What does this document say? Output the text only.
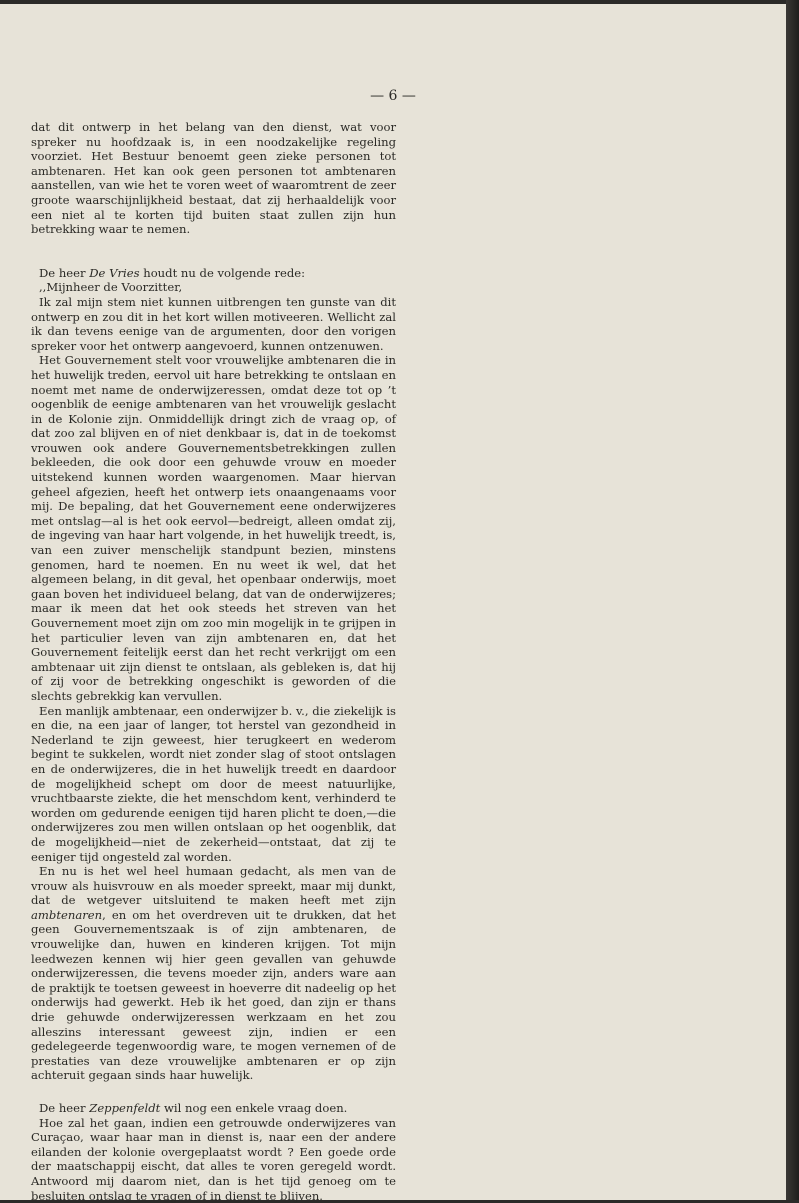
— 6 —

dat dit ontwerp in het belang van den dienst, wat voor spreker nu hoofdzaak is, in een noodzakelijke regeling voorziet. Het Bestuur benoemt geen zieke personen tot ambtenaren. Het kan ook geen personen tot ambtenaren aanstellen, van wie het te voren weet of waaromtrent de zeer groote waarschijnlijkheid bestaat, dat zij herhaaldelijk voor een niet al te korten tijd buiten staat zullen zijn hun betrekking waar te nemen.

De heer De Vries houdt nu de volgende rede:

,,Mijnheer de Voorzitter,

Ik zal mijn stem niet kunnen uitbrengen ten gunste van dit ontwerp en zou dit in het kort willen motiveeren. Wellicht zal ik dan tevens eenige van de argumenten, door den vorigen spreker voor het ontwerp aangevoerd, kunnen ontzenuwen.

Het Gouvernement stelt voor vrouwelijke ambtenaren die in het huwelijk treden, eervol uit hare betrekking te ontslaan en noemt met name de onderwijzeressen, omdat deze tot op ’t oogenblik de eenige ambtenaren van het vrouwelijk geslacht in de Kolonie zijn. Onmiddellijk dringt zich de vraag op, of dat zoo zal blijven en of niet denkbaar is, dat in de toekomst vrouwen ook andere Gouvernementsbetrekkingen zullen bekleeden, die ook door een gehuwde vrouw en moeder uitstekend kunnen worden waargenomen. Maar hiervan geheel afgezien, heeft het ontwerp iets onaangenaams voor mij. De bepaling, dat het Gouvernement eene onderwijzeres met ontslag—al is het ook eervol—bedreigt, alleen omdat zij, de ingeving van haar hart volgende, in het huwelijk treedt, is, van een zuiver menschelijk standpunt bezien, minstens genomen, hard te noemen. En nu weet ik wel, dat het algemeen belang, in dit geval, het openbaar onderwijs, moet gaan boven het individueel belang, dat van de onderwijzeres; maar ik meen dat het ook steeds het streven van het Gouvernement moet zijn om zoo min mogelijk in te grijpen in het particulier leven van zijn ambtenaren en, dat het Gouvernement feitelijk eerst dan het recht verkrijgt om een ambtenaar uit zijn dienst te ontslaan, als gebleken is, dat hij of zij voor de betrekking ongeschikt is geworden of die slechts gebrekkig kan vervullen.

Een manlijk ambtenaar, een onderwijzer b. v., die ziekelijk is en die, na een jaar of langer, tot herstel van gezondheid in Nederland te zijn geweest, hier terugkeert en wederom begint te sukkelen, wordt niet zonder slag of stoot ontslagen en de onderwijzeres, die in het huwelijk treedt en daardoor de mogelijkheid schept om door de meest natuurlijke, vruchtbaarste ziekte, die het menschdom kent, verhinderd te worden om gedurende eenigen tijd haren plicht te doen,—die onderwijzeres zou men willen ontslaan op het oogenblik, dat de mogelijkheid—niet de zekerheid—ontstaat, dat zij te eeniger tijd ongesteld zal worden.

En nu is het wel heel humaan gedacht, als men van de vrouw als huisvrouw en als moeder spreekt, maar mij dunkt, dat de wetgever uitsluitend te maken heeft met zijn ambtenaren, en om het overdreven uit te drukken, dat het geen Gouvernementszaak is of zijn ambtenaren, de vrouwelijke dan, huwen en kinderen krijgen. Tot mijn leedwezen kennen wij hier geen gevallen van gehuwde onderwijzeressen, die tevens moeder zijn, anders ware aan de praktijk te toetsen geweest in hoeverre dit nadeelig op het onderwijs had gewerkt. Heb ik het goed, dan zijn er thans drie gehuwde onderwijzeressen werkzaam en het zou alleszins interessant geweest zijn, indien er een gedelegeerde tegenwoordig ware, te mogen vernemen of de prestaties van deze vrouwelijke ambtenaren er op zijn achteruit gegaan sinds haar huwelijk.

De heer Zeppenfeldt wil nog een enkele vraag doen.

Hoe zal het gaan, indien een getrouwde onderwijzeres van Curaçao, waar haar man in dienst is, naar een der andere eilanden der kolonie overgeplaatst wordt ? Een goede orde der maatschappij eischt, dat alles te voren geregeld wordt. Antwoord mij daarom niet, dan is het tijd genoeg om te besluiten ontslag te vragen of in dienst te blijven.
